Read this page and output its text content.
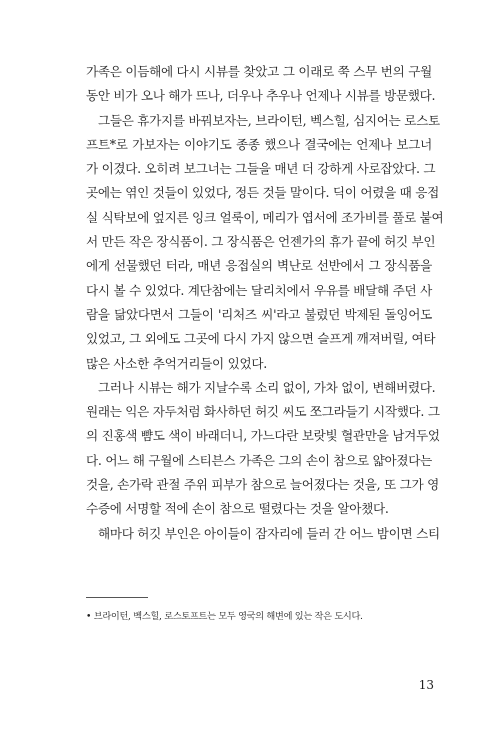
가족은 이듬해에 다시 시뷰를 찾았고 그 이래로 쭉 스무 번의 구월
동안 비가 오나 해가 뜨나, 더우나 추우나 언제나 시뷰를 방문했다.

그들은 휴가지를 바꿔보자는, 브라이턴, 벡스힐, 심지어는 로스토
프트*로 가보자는 이야기도 종종 했으나 결국에는 언제나 보그너
가 이겼다. 오히려 보그너는 그들을 매년 더 강하게 사로잡았다. 그
곳에는 엮인 것들이 있었다, 정든 것들 말이다. 딕이 어렸을 때 응접
실 식탁보에 엎지른 잉크 얼룩이, 메리가 엽서에 조가비를 풀로 붙여
서 만든 작은 장식품이. 그 장식품은 언젠가의 휴가 끝에 허깃 부인
에게 선물했던 터라, 매년 응접실의 벽난로 선반에서 그 장식품을
다시 볼 수 있었다. 계단참에는 달리치에서 우유를 배달해 주던 사
람을 닮았다면서 그들이 '리처즈 씨'라고 불렀던 박제된 돌잉어도
있었고, 그 외에도 그곳에 다시 가지 않으면 슬프게 깨져버릴, 여타
많은 사소한 추억거리들이 있었다.

그러나 시뷰는 해가 지날수록 소리 없이, 가차 없이, 변해버렸다.
원래는 익은 자두처럼 화사하던 허깃 씨도 쪼그라들기 시작했다. 그
의 진홍색 뺨도 색이 바래더니, 가느다란 보랏빛 혈관만을 남겨두었
다. 어느 해 구월에 스티븐스 가족은 그의 손이 참으로 얇아졌다는
것을, 손가락 관절 주위 피부가 참으로 늘어졌다는 것을, 또 그가 영
수증에 서명할 적에 손이 참으로 떨렸다는 것을 알아챘다.

해마다 허깃 부인은 아이들이 잠자리에 들러 간 어느 밤이면 스티

• 브라이턴, 벡스힐, 로스토프트는 모두 영국의 해변에 있는 작은 도시다.
13
